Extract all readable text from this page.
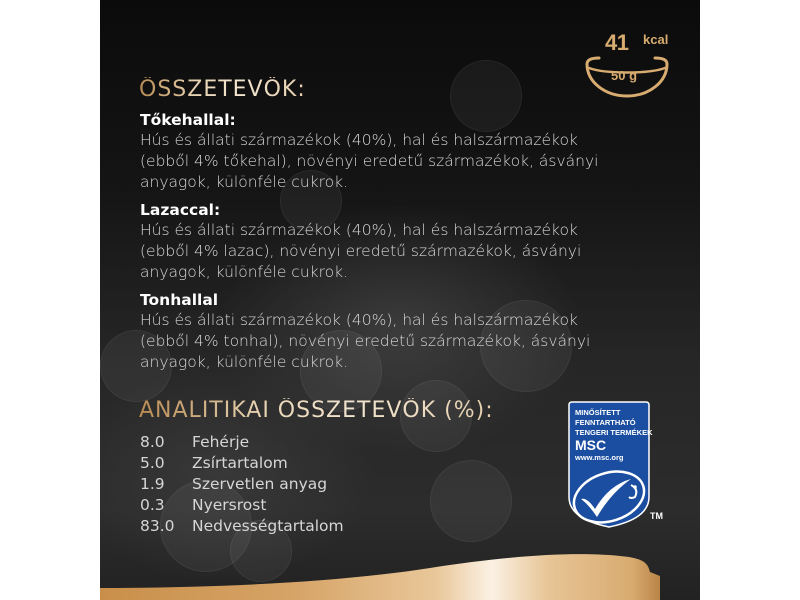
41 kcal
50 g
ÖSSZETEVŐK:
Tőkehallal:
Hús és állati származékok (40%), hal és halszármazékok
(ebből 4% tőkehal), növényi eredetű származékok, ásványi
anyagok, különféle cukrok.
Lazaccal:
Hús és állati származékok (40%), hal és halszármazékok
(ebből 4% lazac), növényi eredetű származékok, ásványi
anyagok, különféle cukrok.
Tonhallal
Hús és állati származékok (40%), hal és halszármazékok
(ebből 4% tonhal), növényi eredetű származékok, ásványi
anyagok, különféle cukrok.
ANALITIKAI ÖSSZETEVŐK (%):
8.0	Fehérje
5.0	Zsírtartalom
1.9	Szervetlen anyag
0.3	Nyersrost
83.0	Nedvességtartalom
MINŐSÍTETT
FENNTARTHATÓ
TENGERI TERMÉKEK
MSC
www.msc.org
TM
